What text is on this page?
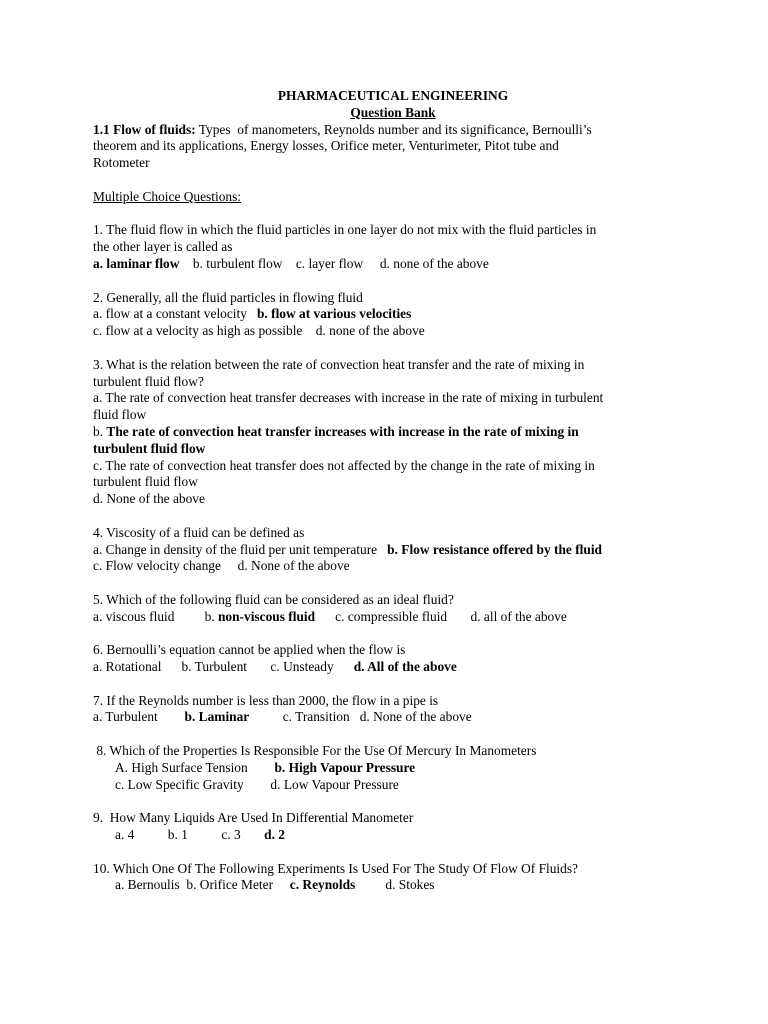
PHARMACEUTICAL ENGINEERING
Question Bank
1.1 Flow of fluids: Types  of manometers, Reynolds number and its significance, Bernoulli’s
theorem and its applications, Energy losses, Orifice meter, Venturimeter, Pitot tube and
Rotometer
Multiple Choice Questions:
1. The fluid flow in which the fluid particles in one layer do not mix with the fluid particles in
the other layer is called as
a. laminar flow    b. turbulent flow    c. layer flow     d. none of the above
2. Generally, all the fluid particles in flowing fluid
a. flow at a constant velocity   b. flow at various velocities
c. flow at a velocity as high as possible    d. none of the above
3. What is the relation between the rate of convection heat transfer and the rate of mixing in
turbulent fluid flow?
a. The rate of convection heat transfer decreases with increase in the rate of mixing in turbulent
fluid flow
b. The rate of convection heat transfer increases with increase in the rate of mixing in
turbulent fluid flow
c. The rate of convection heat transfer does not affected by the change in the rate of mixing in
turbulent fluid flow
d. None of the above
4. Viscosity of a fluid can be defined as
a. Change in density of the fluid per unit temperature   b. Flow resistance offered by the fluid
c. Flow velocity change     d. None of the above
5. Which of the following fluid can be considered as an ideal fluid?
a. viscous fluid         b. non-viscous fluid      c. compressible fluid       d. all of the above
6. Bernoulli’s equation cannot be applied when the flow is
a. Rotational      b. Turbulent       c. Unsteady      d. All of the above
7. If the Reynolds number is less than 2000, the flow in a pipe is
a. Turbulent        b. Laminar          c. Transition   d. None of the above
8. Which of the Properties Is Responsible For the Use Of Mercury In Manometers
A. High Surface Tension        b. High Vapour Pressure
c. Low Specific Gravity        d. Low Vapour Pressure
9.  How Many Liquids Are Used In Differential Manometer
a. 4          b. 1          c. 3       d. 2
10. Which One Of The Following Experiments Is Used For The Study Of Flow Of Fluids?
a. Bernoulis  b. Orifice Meter     c. Reynolds         d. Stokes
